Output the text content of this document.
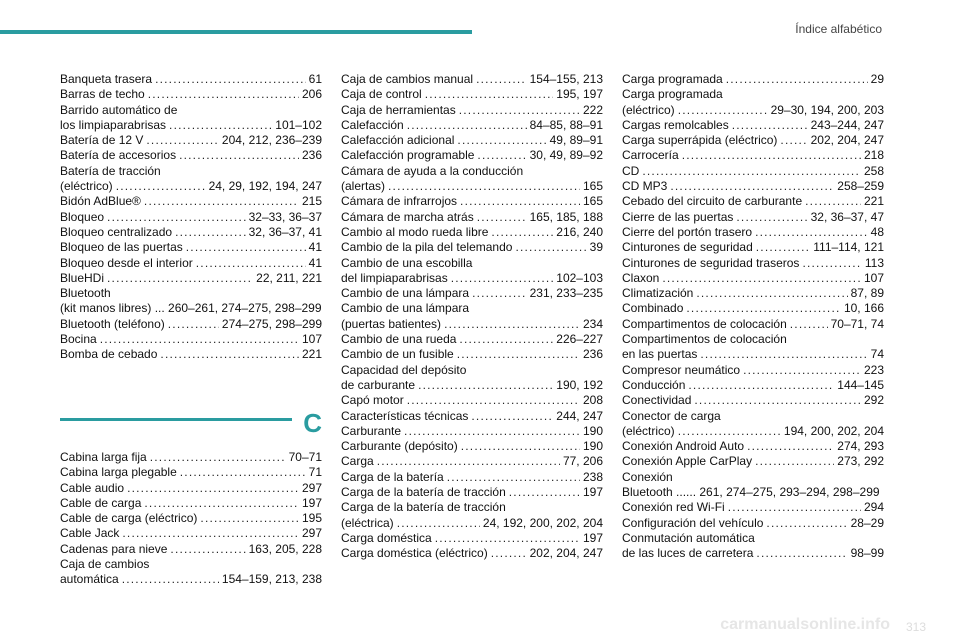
Índice alfabético
Banqueta trasera .....	61
Barras de techo .....	206
Barrido automático de
los limpiaparabrisas .....	101–102
Batería de 12 V .....	204, 212, 236–239
Batería de accesorios .....	236
Batería de tracción
(eléctrico) .....	24, 29, 192, 194, 247
Bidón AdBlue® .....	215
Bloqueo .....	32–33, 36–37
Bloqueo centralizado .....	32, 36–37, 41
Bloqueo de las puertas .....	41
Bloqueo desde el interior .....	41
BlueHDi .....	22, 211, 221
Bluetooth
(kit manos libres) ... 260–261, 274–275, 298–299
Bluetooth (teléfono) .....	274–275, 298–299
Bocina .....	107
Bomba de cebado .....	221
C
Cabina larga fija .....	70–71
Cabina larga plegable .....	71
Cable audio .....	297
Cable de carga .....	197
Cable de carga (eléctrico) .....	195
Cable Jack .....	297
Cadenas para nieve .....	163, 205, 228
Caja de cambios
automática .....	154–159, 213, 238
Caja de cambios manual .....	154–155, 213
Caja de control .....	195, 197
Caja de herramientas .....	222
Calefacción .....	84–85, 88–91
Calefacción adicional .....	49, 89–91
Calefacción programable .....	30, 49, 89–92
Cámara de ayuda a la conducción
(alertas) .....	165
Cámara de infrarrojos .....	165
Cámara de marcha atrás .....	165, 185, 188
Cambio al modo rueda libre .....	216, 240
Cambio de la pila del telemando .....	39
Cambio de una escobilla
del limpiaparabrisas .....	102–103
Cambio de una lámpara .....	231, 233–235
Cambio de una lámpara
(puertas batientes) .....	234
Cambio de una rueda .....	226–227
Cambio de un fusible .....	236
Capacidad del depósito
de carburante .....	190, 192
Capó motor .....	208
Características técnicas .....	244, 247
Carburante .....	190
Carburante (depósito) .....	190
Carga .....	77, 206
Carga de la batería .....	238
Carga de la batería de tracción .....	197
Carga de la batería de tracción
(eléctrica) .....	24, 192, 200, 202, 204
Carga doméstica .....	197
Carga doméstica (eléctrico) .....	202, 204, 247
Carga programada .....	29
Carga programada
(eléctrico) .....	29–30, 194, 200, 203
Cargas remolcables .....	243–244, 247
Carga superrápida (eléctrico) .....	202, 204, 247
Carrocería .....	218
CD .....	258
CD MP3 .....	258–259
Cebado del circuito de carburante .....	221
Cierre de las puertas .....	32, 36–37, 47
Cierre del portón trasero .....	48
Cinturones de seguridad .....	111–114, 121
Cinturones de seguridad traseros .....	113
Claxon .....	107
Climatización .....	87, 89
Combinado .....	10, 166
Compartimentos de colocación .....	70–71, 74
Compartimentos de colocación
en las puertas .....	74
Compresor neumático .....	223
Conducción .....	144–145
Conectividad .....	292
Conector de carga
(eléctrico) .....	194, 200, 202, 204
Conexión Android Auto .....	274, 293
Conexión Apple CarPlay .....	273, 292
Conexión
Bluetooth ...... 261, 274–275, 293–294, 298–299
Conexión red Wi-Fi .....	294
Configuración del vehículo .....	28–29
Conmutación automática
de las luces de carretera .....	98–99
carmanualsonline.info 313
